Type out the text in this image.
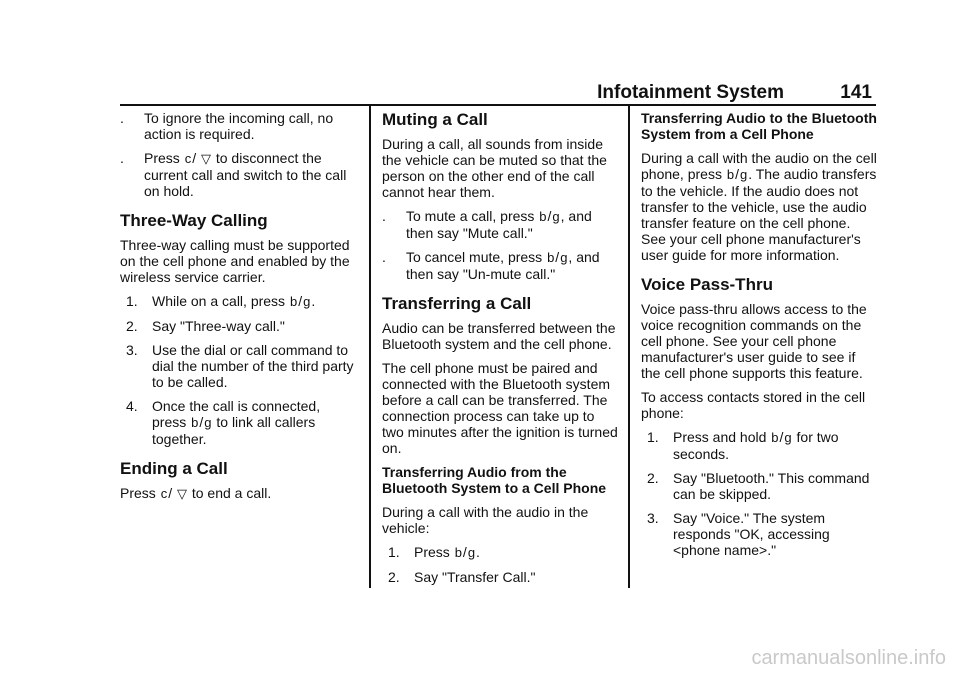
Infotainment System	141
. To ignore the incoming call, no action is required.
. Press c/ ▽ to disconnect the current call and switch to the call on hold.
Three-Way Calling

Three-way calling must be supported on the cell phone and enabled by the wireless service carrier.

1. While on a call, press b/g.
2. Say "Three-way call."
3. Use the dial or call command to dial the number of the third party to be called.
4. Once the call is connected, press b/g to link all callers together.
Ending a Call

Press c/ ▽ to end a call.

Muting a Call

During a call, all sounds from inside the vehicle can be muted so that the person on the other end of the call cannot hear them.

. To mute a call, press b/g, and then say "Mute call."
. To cancel mute, press b/g, and then say "Un-mute call."
Transferring a Call

Audio can be transferred between the Bluetooth system and the cell phone.

The cell phone must be paired and connected with the Bluetooth system before a call can be transferred. The connection process can take up to two minutes after the ignition is turned on.

Transferring Audio from the Bluetooth System to a Cell Phone

During a call with the audio in the vehicle:

1. Press b/g.
2. Say "Transfer Call."
Transferring Audio to the Bluetooth System from a Cell Phone

During a call with the audio on the cell phone, press b/g. The audio transfers to the vehicle. If the audio does not transfer to the vehicle, use the audio transfer feature on the cell phone. See your cell phone manufacturer's user guide for more information.

Voice Pass-Thru

Voice pass-thru allows access to the voice recognition commands on the cell phone. See your cell phone manufacturer's user guide to see if the cell phone supports this feature.

To access contacts stored in the cell phone:

1. Press and hold b/g for two seconds.
2. Say "Bluetooth." This command can be skipped.
3. Say "Voice." The system responds "OK, accessing <phone name>."
carmanualsonline.info
